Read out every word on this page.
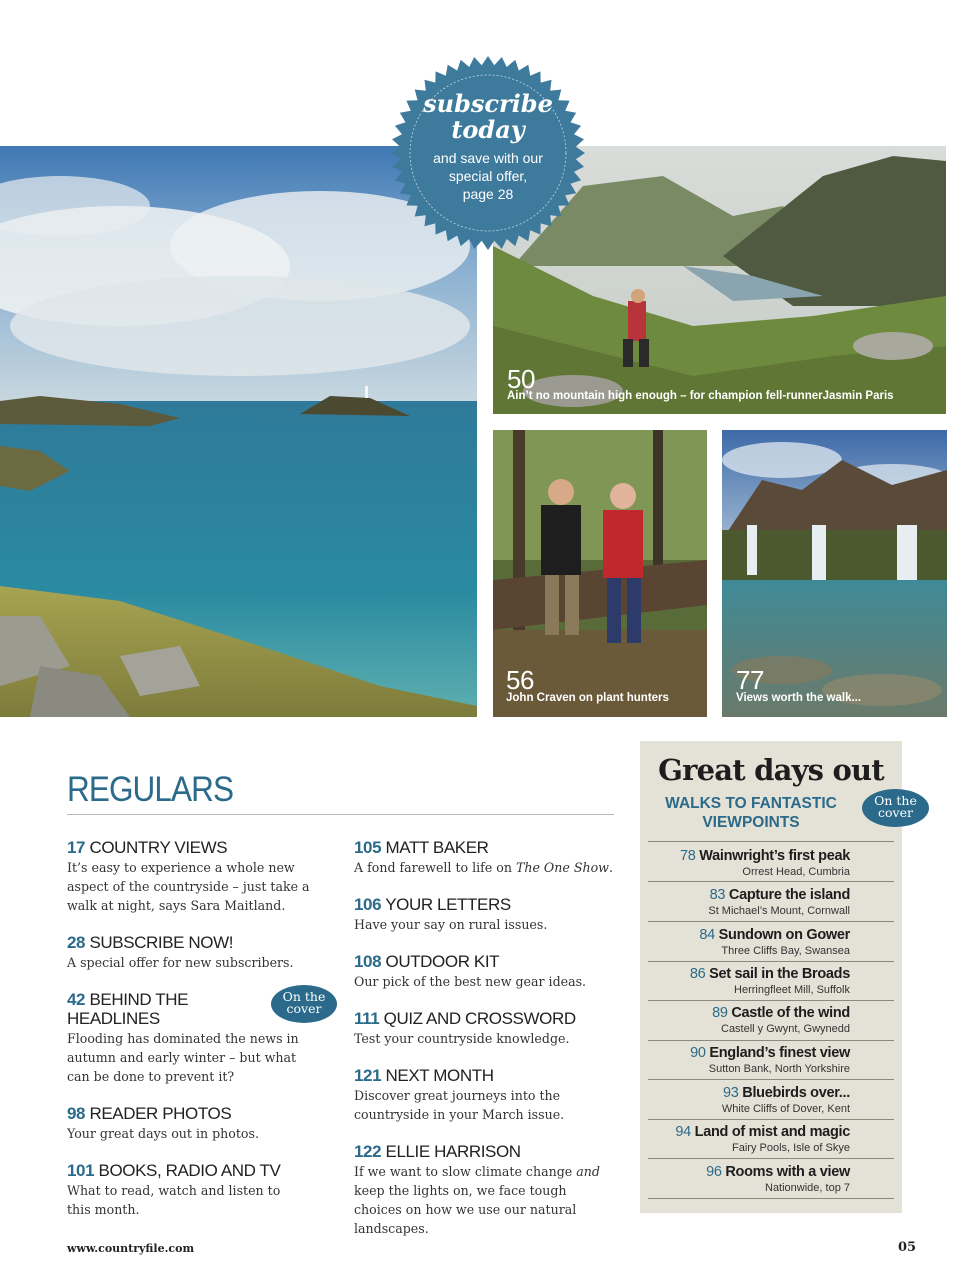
50
Ain’t no mountain high enough – for champion fell-runnerJasmin Paris
subscribe
today
and save with our
special offer,
page 28
56
John Craven on plant hunters
77
Views worth the walk...
REGULARS
17 COUNTRY VIEWS
It’s easy to experience a whole new aspect of the countryside – just take a walk at night, says Sara Maitland.
28 SUBSCRIBE NOW!
A special offer for new subscribers.
42 BEHIND THE HEADLINES
Flooding has dominated the news in autumn and early winter – but what can be done to prevent it?
On the
cover
98 READER PHOTOS
Your great days out in photos.
101 BOOKS, RADIO AND TV
What to read, watch and listen to this month.
105 MATT BAKER
A fond farewell to life on The One Show.
106 YOUR LETTERS
Have your say on rural issues.
108 OUTDOOR KIT
Our pick of the best new gear ideas.
111 QUIZ AND CROSSWORD
Test your countryside knowledge.
121 NEXT MONTH
Discover great journeys into the countryside in your March issue.
122 ELLIE HARRISON
If we want to slow climate change and keep the lights on, we face tough choices on how we use our natural landscapes.
Great days out
WALKS TO FANTASTIC VIEWPOINTS
On the
cover
78 Wainwright’s first peak
Orrest Head, Cumbria
83 Capture the island
St Michael’s Mount, Cornwall
84 Sundown on Gower
Three Cliffs Bay, Swansea
86 Set sail in the Broads
Herringfleet Mill, Suffolk
89 Castle of the wind
Castell y Gwynt, Gwynedd
90 England’s finest view
Sutton Bank, North Yorkshire
93 Bluebirds over...
White Cliffs of Dover, Kent
94 Land of mist and magic
Fairy Pools, Isle of Skye
96 Rooms with a view
Nationwide, top 7
www.countryfile.com	05
